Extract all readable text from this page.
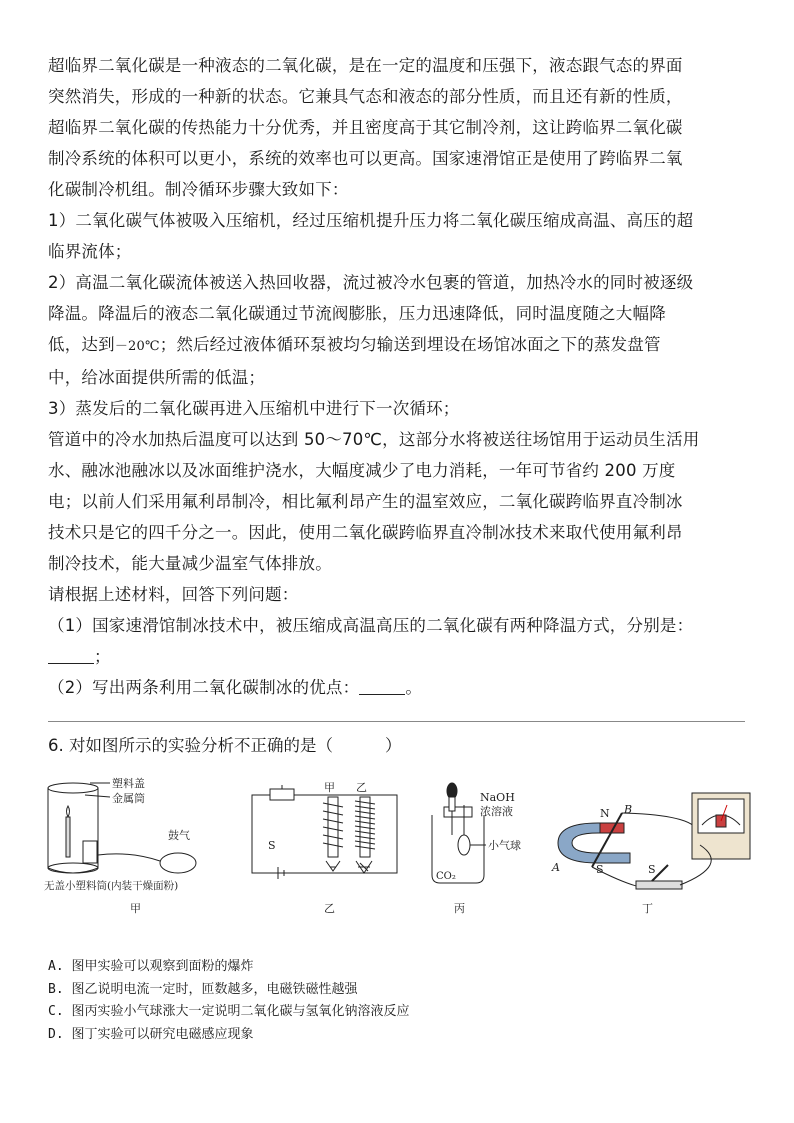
超临界二氧化碳是一种液态的二氧化碳，是在一定的温度和压强下，液态跟气态的界面

突然消失，形成的一种新的状态。它兼具气态和液态的部分性质，而且还有新的性质，

超临界二氧化碳的传热能力十分优秀，并且密度高于其它制冷剂，这让跨临界二氧化碳

制冷系统的体积可以更小，系统的效率也可以更高。国家速滑馆正是使用了跨临界二氧

化碳制冷机组。制冷循环步骤大致如下：

1）二氧化碳气体被吸入压缩机，经过压缩机提升压力将二氧化碳压缩成高温、高压的超

临界流体；

2）高温二氧化碳流体被送入热回收器，流过被冷水包裹的管道，加热冷水的同时被逐级

降温。降温后的液态二氧化碳通过节流阀膨胀，压力迅速降低，同时温度随之大幅降

低，达到－20℃；然后经过液体循环泵被均匀输送到埋设在场馆冰面之下的蒸发盘管

中，给冰面提供所需的低温；

3）蒸发后的二氧化碳再进入压缩机中进行下一次循环；

管道中的冷水加热后温度可以达到 50～70℃，这部分水将被送往场馆用于运动员生活用

水、融冰池融冰以及冰面维护浇水，大幅度减少了电力消耗，一年可节省约 200 万度

电；以前人们采用氟利昂制冷，相比氟利昂产生的温室效应，二氧化碳跨临界直冷制冰

技术只是它的四千分之一。因此，使用二氧化碳跨临界直冷制冰技术来取代使用氟利昂

制冷技术，能大量减少温室气体排放。

请根据上述材料，回答下列问题：

（1）国家速滑馆制冰技术中，被压缩成高温高压的二氧化碳有两种降温方式，分别是：

；

（2）写出两条利用二氧化碳制冰的优点：	。

6. 对如图所示的实验分析不正确的是（	）
塑料盖
金属筒
鼓气
无盖小塑料筒(内装干燥面粉)
甲
S
甲 乙
乙
NaOH
浓溶液
小气球
CO₂
丙
N B
A	S	S
丁
A. 图甲实验可以观察到面粉的爆炸
B. 图乙说明电流一定时，匝数越多，电磁铁磁性越强
C. 图丙实验小气球涨大一定说明二氧化碳与氢氧化钠溶液反应
D. 图丁实验可以研究电磁感应现象
